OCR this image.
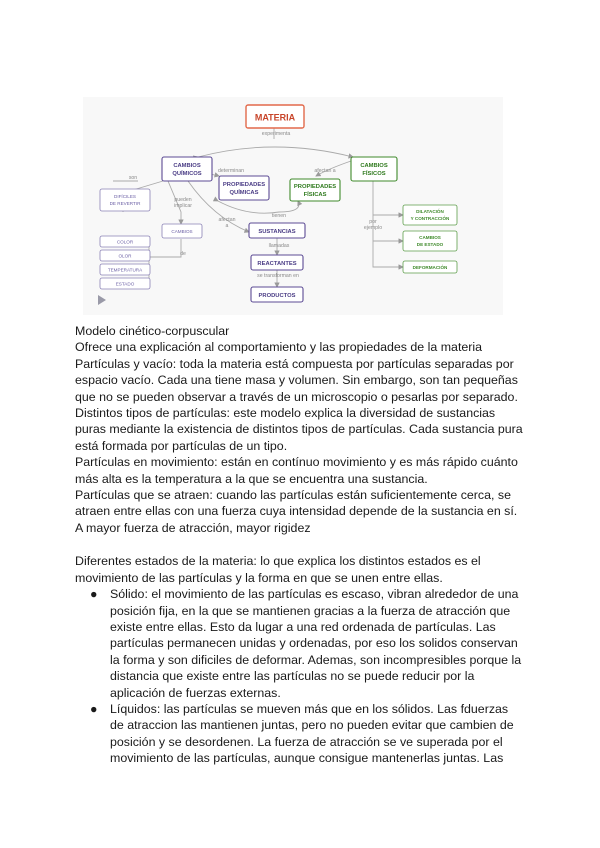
MATERIA
experimenta
son
determinan	afectan a
pueden
implicar
afectan
a
tienen
llamadas
se transforman en
de
por
ejemplo
CAMBIOS
QUÍMICOS
PROPIEDADES
QUÍMICAS
SUSTANCIAS
REACTANTES
PRODUCTOS
DIFÍCILES
DE REVERTIR
CAMBIOS
COLOR
OLOR
TEMPERATURA
ESTADO
CAMBIOS
FÍSICOS
PROPIEDADES
FÍSICAS
DILATACIÓN
Y CONTRACCIÓN
CAMBIOS
DE ESTADO
DEFORMACIÓN

Modelo cinético-corpuscular

Ofrece una explicación al comportamiento y las propiedades de la materia

Partículas y vacío: toda la materia está compuesta por partículas separadas por espacio vacío. Cada una tiene masa y volumen. Sin embargo, son tan pequeñas que no se pueden observar a través de un microscopio o pesarlas por separado.

Distintos tipos de partículas: este modelo explica la diversidad de sustancias puras mediante la existencia de distintos tipos de partículas. Cada sustancia pura está formada por partículas de un tipo.

Partículas en movimiento: están en contínuo movimiento y es más rápido cuánto más alta es la temperatura a la que se encuentra una sustancia.

Partículas que se atraen: cuando las partículas están suficientemente cerca, se atraen entre ellas con una fuerza cuya intensidad depende de la sustancia en sí. A mayor fuerza de atracción, mayor rigidez

Diferentes estados de la materia: lo que explica los distintos estados es el movimiento de las partículas y la forma en que se unen entre ellas.

● Sólido: el movimiento de las partículas es escaso, vibran alrededor de una posición fija, en la que se mantienen gracias a la fuerza de atracción que existe entre ellas. Esto da lugar a una red ordenada de partículas. Las partículas permanecen unidas y ordenadas, por eso los solidos conservan la forma y son dificiles de deformar. Ademas, son incompresibles porque la distancia que existe entre las partículas no se puede reducir por la aplicación de fuerzas externas.
● Líquidos: las partículas se mueven más que en los sólidos. Las fduerzas de atraccion las mantienen juntas, pero no pueden evitar que cambien de posición y se desordenen. La fuerza de atracción se ve superada por el movimiento de las partículas, aunque consigue mantenerlas juntas. Las
